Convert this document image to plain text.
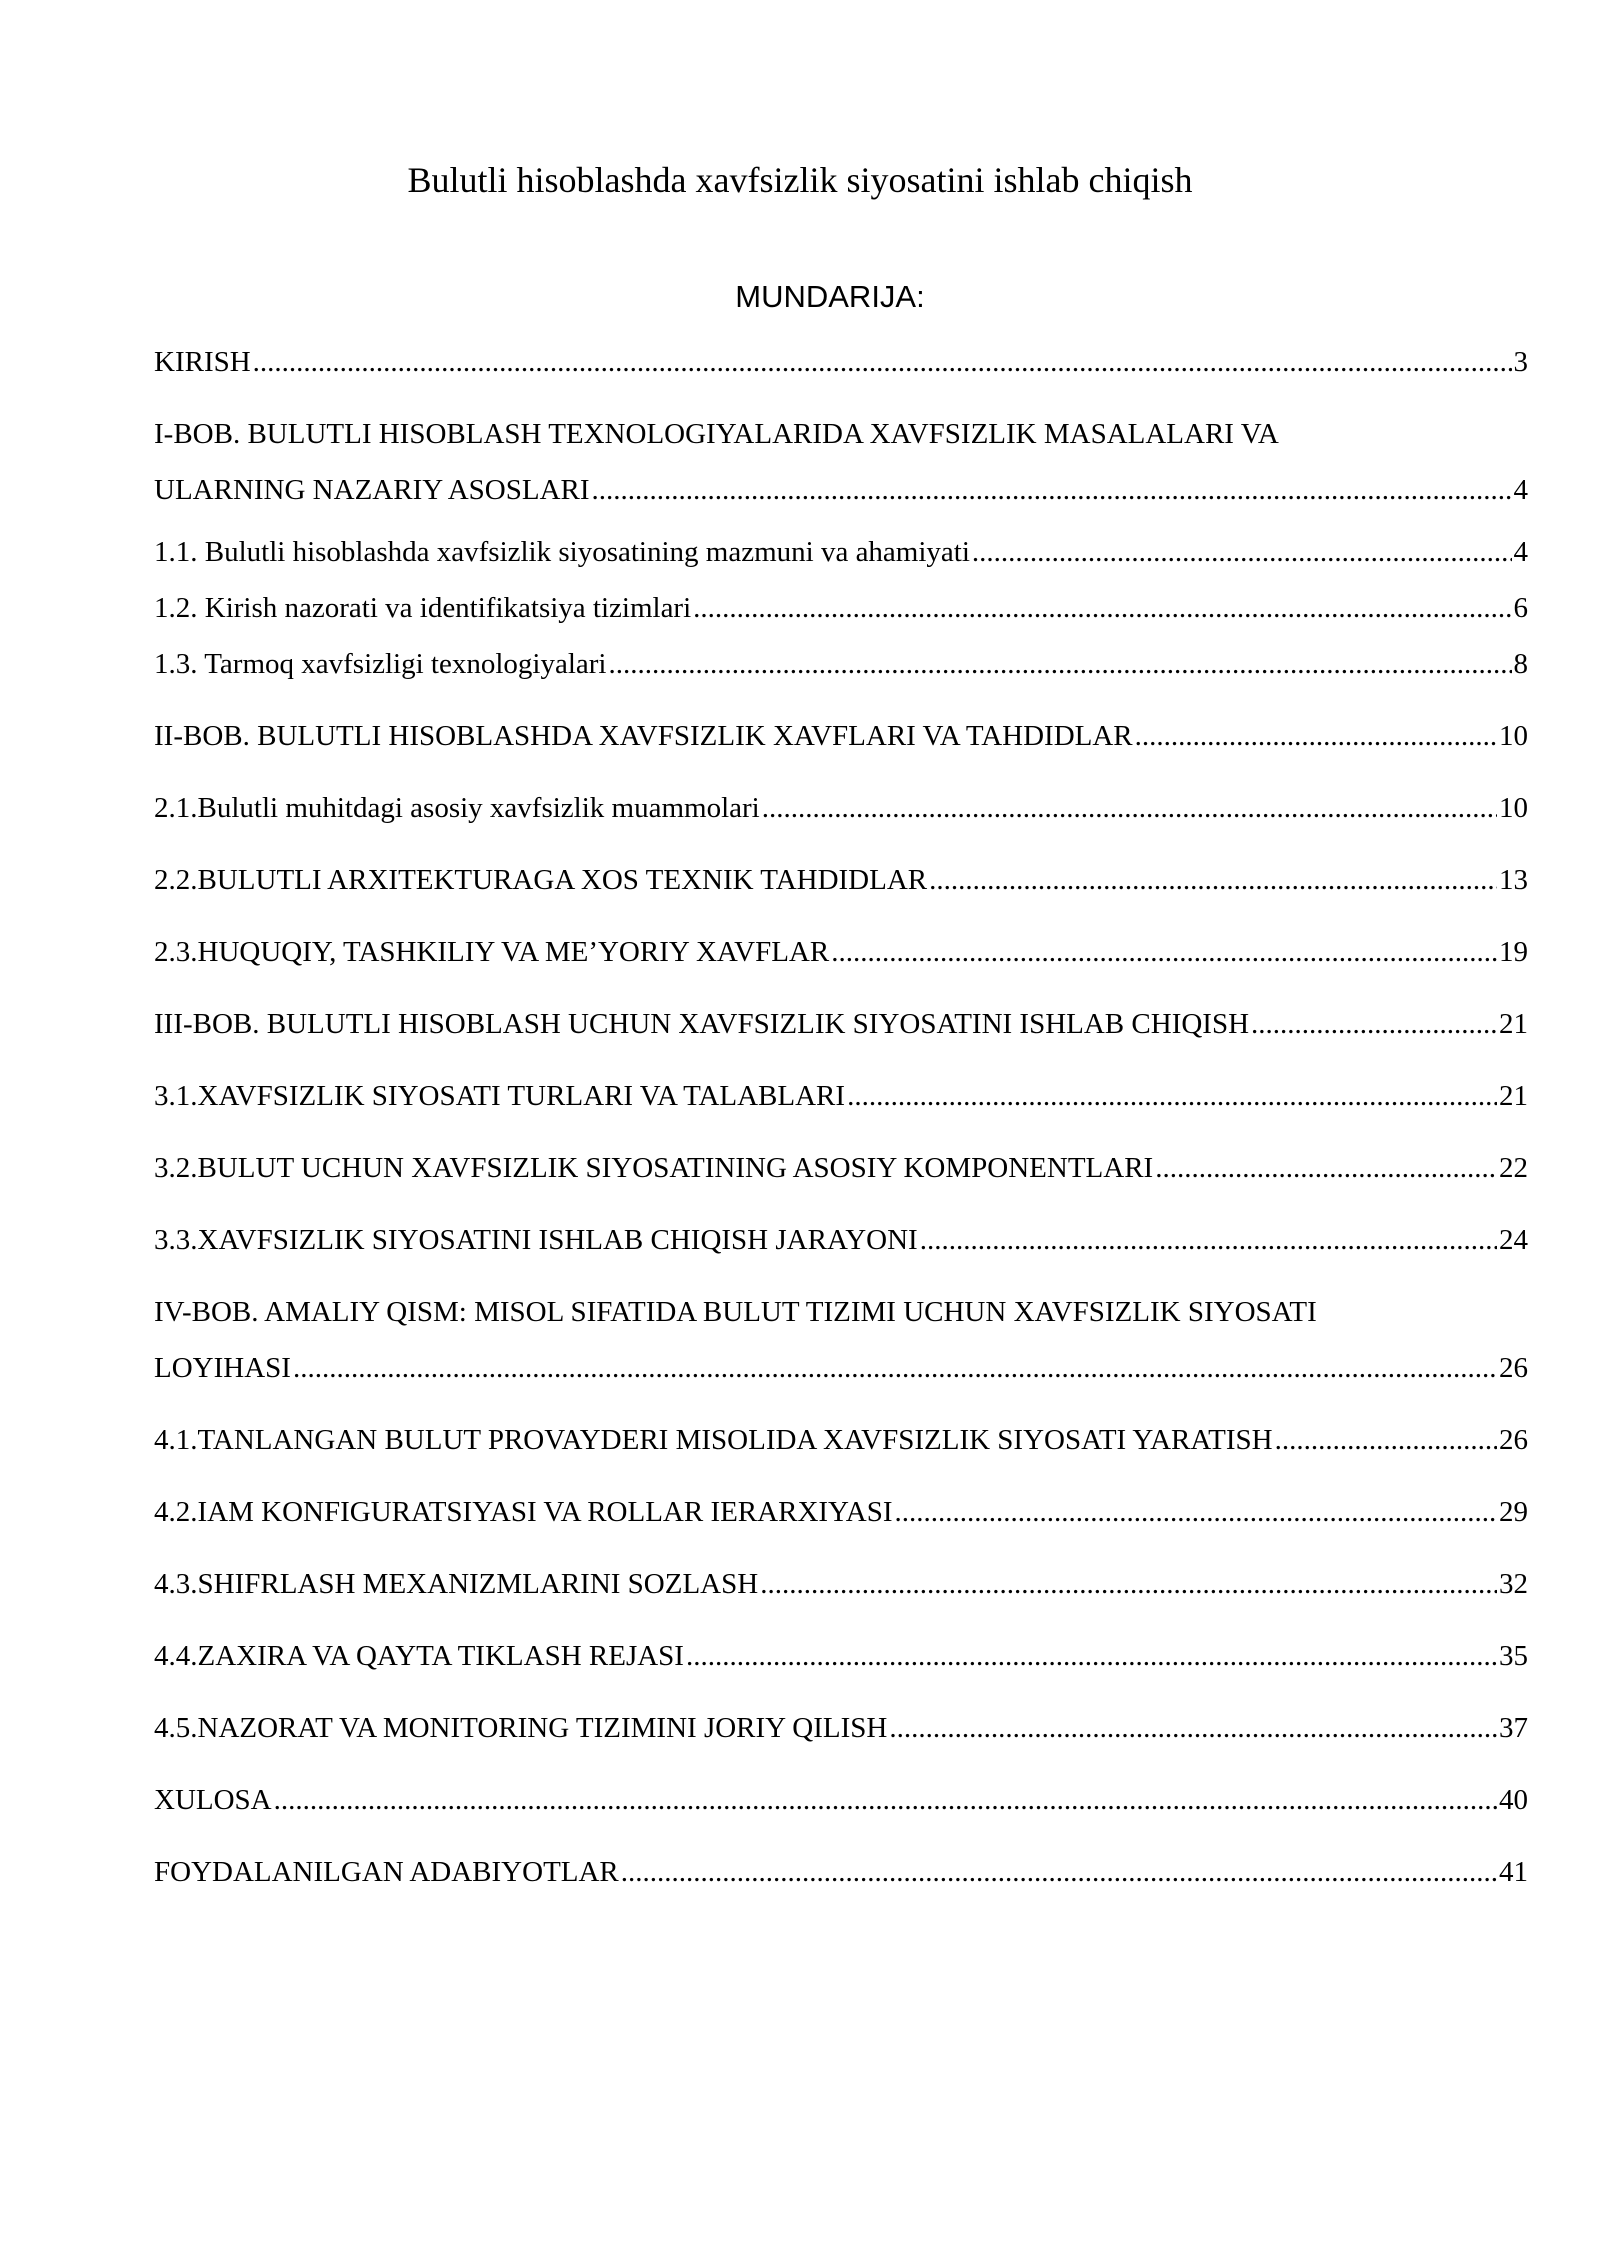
Bulutli hisoblashda xavfsizlik siyosatini ishlab chiqish
MUNDARIJA:
KIRISH .....	3
I-BOB. BULUTLI HISOBLASH TEXNOLOGIYALARIDA XAVFSIZLIK MASALALARI VA
ULARNING NAZARIY ASOSLARI .....	4
1.1. Bulutli hisoblashda xavfsizlik siyosatining mazmuni va ahamiyati .....	4
1.2. Kirish nazorati va identifikatsiya tizimlari .....	6
1.3. Tarmoq xavfsizligi texnologiyalari .....	8
II-BOB. BULUTLI HISOBLASHDA XAVFSIZLIK XAVFLARI VA TAHDIDLAR .....	10
2.1.Bulutli muhitdagi asosiy xavfsizlik muammolari .....	10
2.2.BULUTLI ARXITEKTURAGA XOS TEXNIK TAHDIDLAR .....	13
2.3.HUQUQIY, TASHKILIY VA ME’YORIY XAVFLAR .....	19
III-BOB. BULUTLI HISOBLASH UCHUN XAVFSIZLIK SIYOSATINI ISHLAB CHIQISH .....	21
3.1.XAVFSIZLIK SIYOSATI TURLARI VA TALABLARI .....	21
3.2.BULUT UCHUN XAVFSIZLIK SIYOSATINING ASOSIY KOMPONENTLARI .....	22
3.3.XAVFSIZLIK SIYOSATINI ISHLAB CHIQISH JARAYONI .....	24
IV-BOB. AMALIY QISM: MISOL SIFATIDA BULUT TIZIMI UCHUN XAVFSIZLIK SIYOSATI
LOYIHASI .....	26
4.1.TANLANGAN BULUT PROVAYDERI MISOLIDA XAVFSIZLIK SIYOSATI YARATISH .....	26
4.2.IAM KONFIGURATSIYASI VA ROLLAR IERARXIYASI .....	29
4.3.SHIFRLASH MEXANIZMLARINI SOZLASH .....	32
4.4.ZAXIRA VA QAYTA TIKLASH REJASI .....	35
4.5.NAZORAT VA MONITORING TIZIMINI JORIY QILISH .....	37
XULOSA .....	40
FOYDALANILGAN ADABIYOTLAR .....	41
